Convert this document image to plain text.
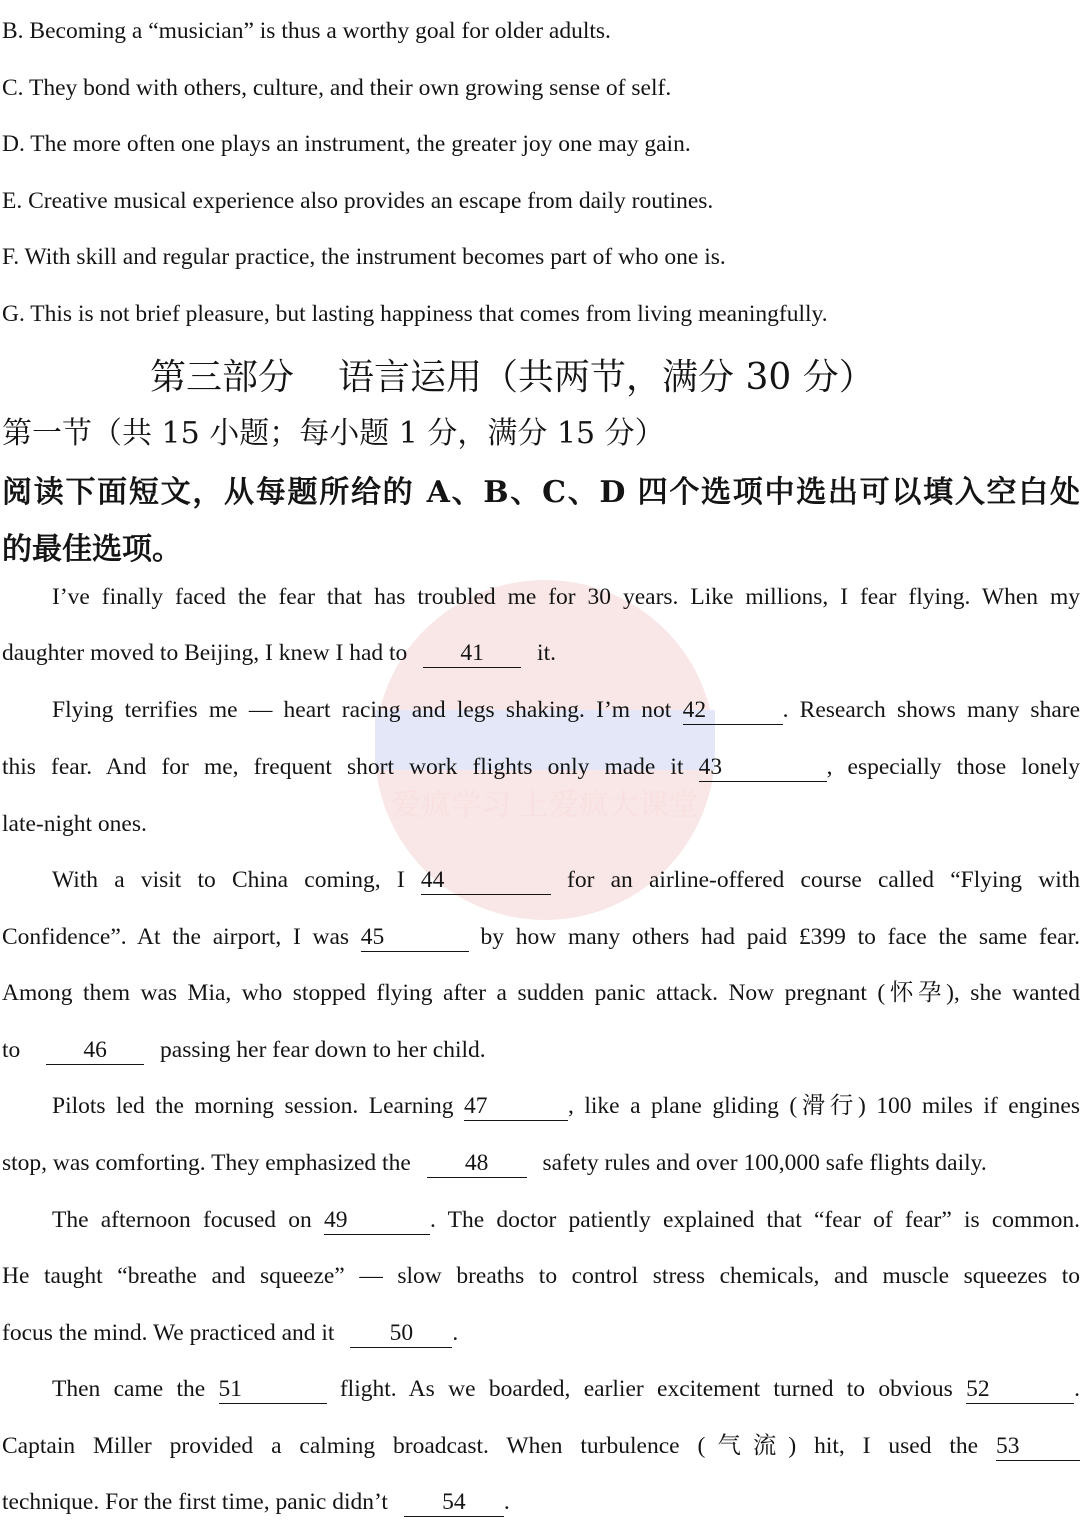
爱疯学习 上爱疯大课堂
B. Becoming a “musician” is thus a worthy goal for older adults.
C. They bond with others, culture, and their own growing sense of self.
D. The more often one plays an instrument, the greater joy one may gain.
E. Creative musical experience also provides an escape from daily routines.
F. With skill and regular practice, the instrument becomes part of who one is.
G. This is not brief pleasure, but lasting happiness that comes from living meaningfully.
第三部分 语言运用（共两节，满分 30 分）
第一节（共 15 小题；每小题 1 分，满分 15 分）
阅读下面短文，从每题所给的 A、B、C、D 四个选项中选出可以填入空白处
的最佳选项。
I’ve finally faced the fear that has troubled me for 30 years. Like millions, I fear flying. When my
daughter moved to Beijing, I knew I had to 41 it.
Flying terrifies me — heart racing and legs shaking. I’m not 42	. Research shows many share
this fear. And for me, frequent short work flights only made it 43	, especially those lonely
late-night ones.
With a visit to China coming, I 44	for an airline-offered course called “Flying with
Confidence”. At the airport, I was 45	by how many others had paid £399 to face the same fear.
Among them was Mia, who stopped flying after a sudden panic attack. Now pregnant (怀孕), she wanted
to	46 passing her fear down to her child.
Pilots led the morning session. Learning 47	, like a plane gliding (滑行) 100 miles if engines
stop, was comforting. They emphasized the 48 safety rules and over 100,000 safe flights daily.
The afternoon focused on 49	. The doctor patiently explained that “fear of fear” is common.
He taught “breathe and squeeze” — slow breaths to control stress chemicals, and muscle squeezes to
focus the mind. We practiced and it 50 .
Then came the 51	flight. As we boarded, earlier excitement turned to obvious 52	.
Captain Miller provided a calming broadcast. When turbulence (气流) hit, I used the 53
technique. For the first time, panic didn’t 54 .
